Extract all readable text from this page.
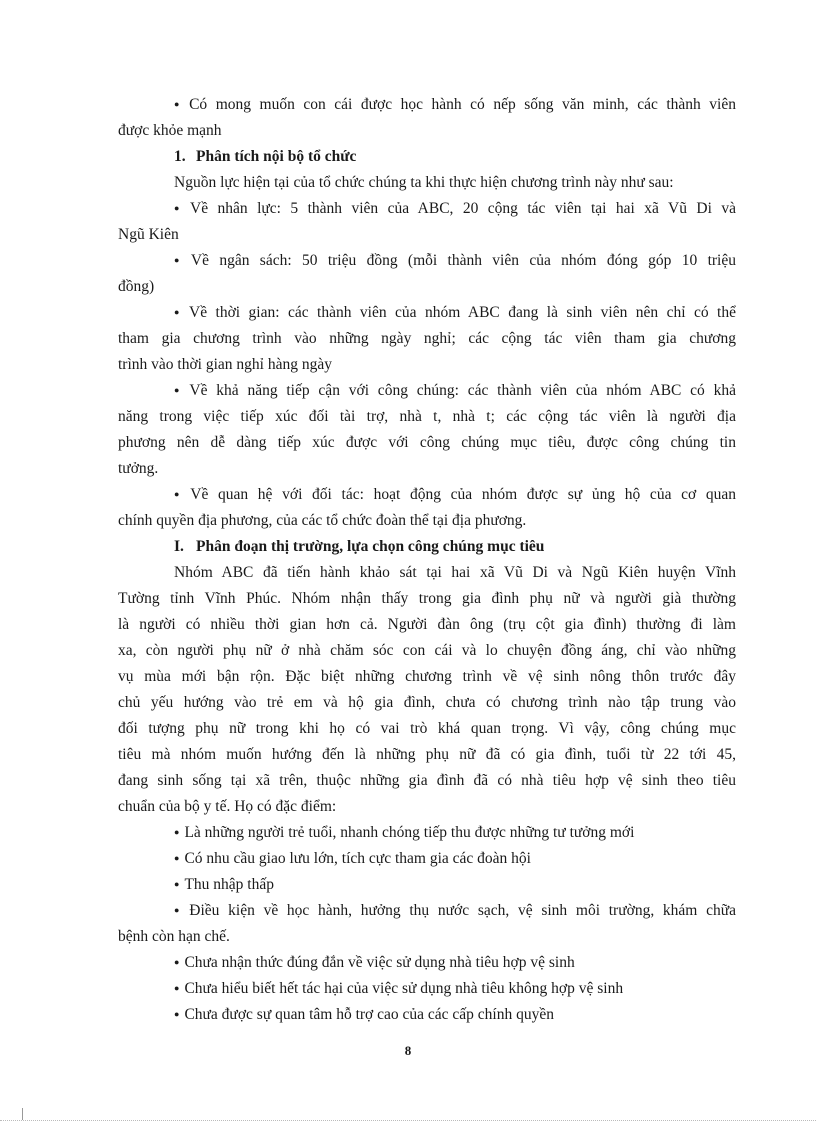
● Có mong muốn con cái được học hành có nếp sống văn minh, các thành viên
được khỏe mạnh
1. Phân tích nội bộ tổ chức
Nguồn lực hiện tại của tổ chức chúng ta khi thực hiện chương trình này như sau:
● Về nhân lực: 5 thành viên của ABC, 20 cộng tác viên tại hai xã Vũ Di và
Ngũ Kiên
● Về ngân sách: 50 triệu đồng (mỗi thành viên của nhóm đóng góp 10 triệu
đồng)
● Về thời gian: các thành viên của nhóm ABC đang là sinh viên nên chỉ có thể
tham gia chương trình vào những ngày nghỉ; các cộng tác viên tham gia chương
trình vào thời gian nghỉ hàng ngày
● Về khả năng tiếp cận với công chúng: các thành viên của nhóm ABC có khả
năng trong việc tiếp xúc đối tài trợ, nhà t, nhà t; các cộng tác viên là người địa
phương nên dễ dàng tiếp xúc được với công chúng mục tiêu, được công chúng tin
tưởng.
● Về quan hệ với đối tác: hoạt động của nhóm được sự ủng hộ của cơ quan
chính quyền địa phương, của các tổ chức đoàn thể tại địa phương.
I. Phân đoạn thị trường, lựa chọn công chúng mục tiêu
Nhóm ABC đã tiến hành khảo sát tại hai xã Vũ Di và Ngũ Kiên huyện Vĩnh
Tường tỉnh Vĩnh Phúc. Nhóm nhận thấy trong gia đình phụ nữ và người già thường
là người có nhiều thời gian hơn cả. Người đàn ông (trụ cột gia đình) thường đi làm
xa, còn người phụ nữ ở nhà chăm sóc con cái và lo chuyện đồng áng, chỉ vào những
vụ mùa mới bận rộn. Đặc biệt những chương trình về vệ sinh nông thôn trước đây
chủ yếu hướng vào trẻ em và hộ gia đình, chưa có chương trình nào tập trung vào
đối tượng phụ nữ trong khi họ có vai trò khá quan trọng. Vì vậy, công chúng mục
tiêu mà nhóm muốn hướng đến là những phụ nữ đã có gia đình, tuổi từ 22 tới 45,
đang sinh sống tại xã trên, thuộc những gia đình đã có nhà tiêu hợp vệ sinh theo tiêu
chuẩn của bộ y tế. Họ có đặc điểm:
● Là những người trẻ tuổi, nhanh chóng tiếp thu được những tư tưởng mới
● Có nhu cầu giao lưu lớn, tích cực tham gia các đoàn hội
● Thu nhập thấp
● Điều kiện về học hành, hưởng thụ nước sạch, vệ sinh môi trường, khám chữa
bệnh còn hạn chế.
● Chưa nhận thức đúng đắn về việc sử dụng nhà tiêu hợp vệ sinh
● Chưa hiểu biết hết tác hại của việc sử dụng nhà tiêu không hợp vệ sinh
● Chưa được sự quan tâm hỗ trợ cao của các cấp chính quyền
8
